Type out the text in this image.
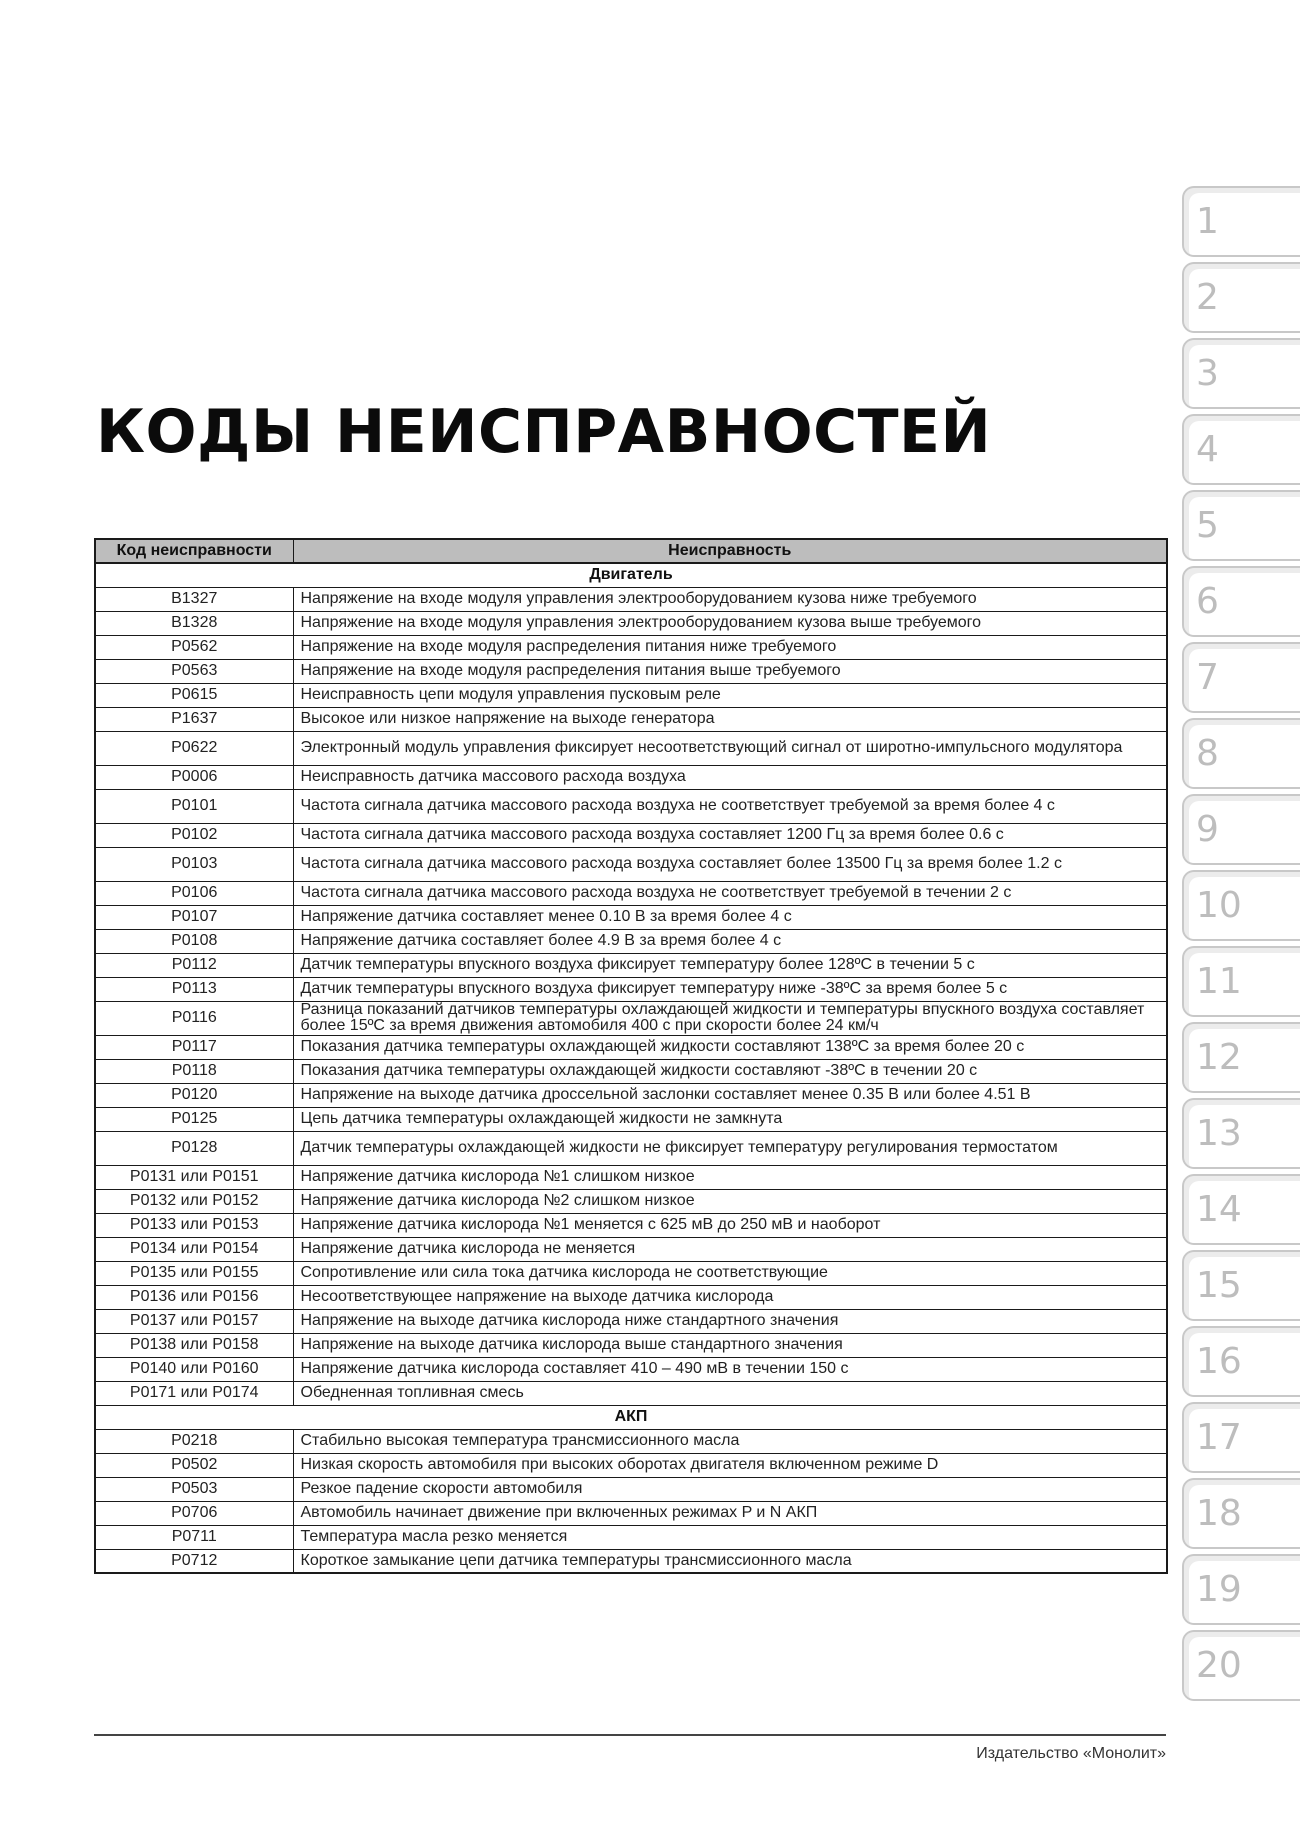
КОДЫ НЕИСПРАВНОСТЕЙ
Код неисправности	Неисправность
Двигатель	
B1327	Напряжение на входе модуля управления электрооборудованием кузова ниже требуемого
B1328	Напряжение на входе модуля управления электрооборудованием кузова выше требуемого
P0562	Напряжение на входе модуля распределения питания ниже требуемого
P0563	Напряжение на входе модуля распределения питания выше требуемого
P0615	Неисправность цепи модуля управления пусковым реле
P1637	Высокое или низкое напряжение на выходе генератора
P0622	Электронный модуль управления фиксирует несоответствующий сигнал от широтно-импульсного модулятора
P0006	Неисправность датчика массового расхода воздуха
P0101	Частота сигнала датчика массового расхода воздуха не соответствует требуемой за время более 4 с
P0102	Частота сигнала датчика массового расхода воздуха составляет 1200 Гц за время более 0.6 с
P0103	Частота сигнала датчика массового расхода воздуха составляет более 13500 Гц за время более 1.2 с
P0106	Частота сигнала датчика массового расхода воздуха не соответствует требуемой в течении 2 с
P0107	Напряжение датчика составляет менее 0.10 В за время более 4 с
P0108	Напряжение датчика составляет более 4.9 В за время более 4 с
P0112	Датчик температуры впускного воздуха фиксирует температуру более 128ºС в течении 5 с
P0113	Датчик температуры впускного воздуха фиксирует температуру ниже -38ºС за время более 5 с
P0116	Разница показаний датчиков температуры охлаждающей жидкости и температуры впускного воздуха составляет более 15ºС за время движения автомобиля 400 с при скорости более 24 км/ч
P0117	Показания датчика температуры охлаждающей жидкости составляют 138ºС за время более 20 с
P0118	Показания датчика температуры охлаждающей жидкости составляют -38ºС в течении 20 с
P0120	Напряжение на выходе датчика дроссельной заслонки составляет менее 0.35 В или более 4.51 В
P0125	Цепь датчика температуры охлаждающей жидкости не замкнута
P0128	Датчик температуры охлаждающей жидкости не фиксирует температуру регулирования термостатом
P0131 или P0151	Напряжение датчика кислорода №1 слишком низкое
P0132 или P0152	Напряжение датчика кислорода №2 слишком низкое
P0133 или P0153	Напряжение датчика кислорода №1 меняется с 625 мВ до 250 мВ и наоборот
P0134 или P0154	Напряжение датчика кислорода не меняется
P0135 или P0155	Сопротивление или сила тока датчика кислорода не соответствующие
P0136 или P0156	Несоответствующее напряжение на выходе датчика кислорода
P0137 или P0157	Напряжение на выходе датчика кислорода ниже стандартного значения
P0138 или P0158	Напряжение на выходе датчика кислорода выше стандартного значения
P0140 или P0160	Напряжение датчика кислорода составляет 410 – 490 мВ в течении 150 с
P0171 или P0174	Обедненная топливная смесь
АКП	
P0218	Стабильно высокая температура трансмиссионного масла
P0502	Низкая скорость автомобиля при высоких оборотах двигателя включенном режиме D
P0503	Резкое падение скорости автомобиля
P0706	Автомобиль начинает движение при включенных режимах P и N АКП
P0711	Температура масла резко меняется
P0712	Короткое замыкание цепи датчика температуры трансмиссионного масла
Издательство «Монолит»
1
2
3
4
5
6
7
8
9
10
11
12
13
14
15
16
17
18
19
20
